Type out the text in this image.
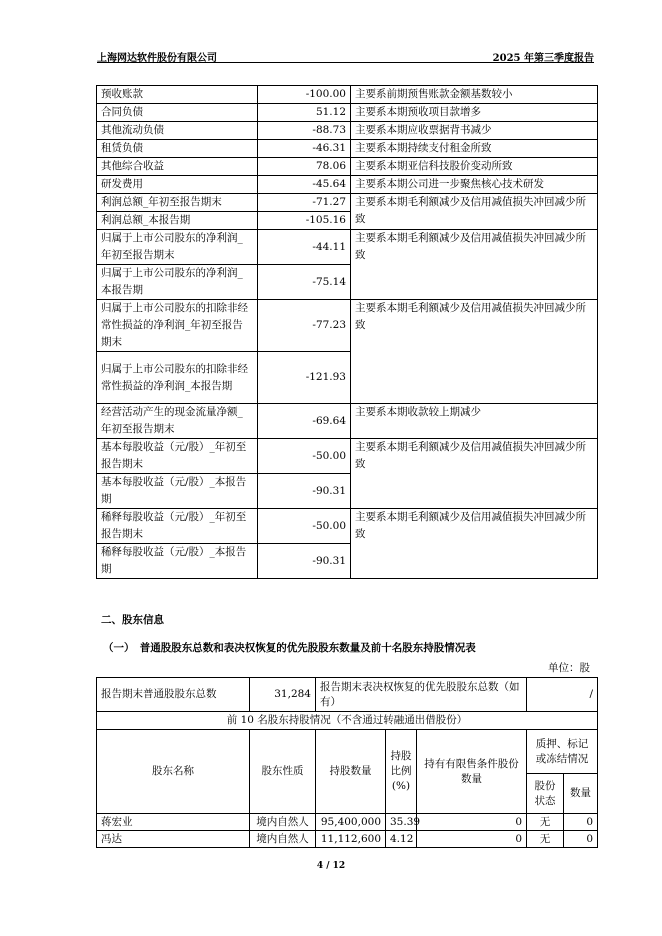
上海网达软件股份有限公司	2025 年第三季度报告
预收账款	-100.00	主要系前期预售账款金额基数较小
合同负债	51.12	主要系本期预收项目款增多
其他流动负债	-88.73	主要系本期应收票据背书减少
租赁负债	-46.31	主要系本期持续支付租金所致
其他综合收益	78.06	主要系本期亚信科技股价变动所致
研发费用	-45.64	主要系本期公司进一步聚焦核心技术研发
利润总额_年初至报告期末	-71.27	主要系本期毛利额减少及信用减值损失冲回减少所致
利润总额_本报告期	-105.16	
归属于上市公司股东的净利润_年初至报告期末	-44.11	主要系本期毛利额减少及信用减值损失冲回减少所致
归属于上市公司股东的净利润_本报告期	-75.14	
归属于上市公司股东的扣除非经常性损益的净利润_年初至报告期末	-77.23	主要系本期毛利额减少及信用减值损失冲回减少所致
归属于上市公司股东的扣除非经常性损益的净利润_本报告期	-121.93	
经营活动产生的现金流量净额_年初至报告期末	-69.64	主要系本期收款较上期减少
基本每股收益（元/股）_年初至报告期末	-50.00	主要系本期毛利额减少及信用减值损失冲回减少所致
基本每股收益（元/股）_本报告期	-90.31	
稀释每股收益（元/股）_年初至报告期末	-50.00	主要系本期毛利额减少及信用减值损失冲回减少所致
稀释每股收益（元/股）_本报告期	-90.31	
二、股东信息
（一）　普通股股东总数和表决权恢复的优先股股东数量及前十名股东持股情况表
单位：股
报告期末普通股股东总数	31,284	报告期末表决权恢复的优先股股东总数（如有）			/	
前 10 名股东持股情况（不含通过转融通出借股份）						
股东名称	股东性质	持股数量	持股比例(%)	持有有限售条件股份数量	质押、标记或冻结情况	
					股份状态	数量
蒋宏业	境内自然人	95,400,000	35.39	0	无	0
冯达	境内自然人	11,112,600	4.12	0	无	0
4 / 12
